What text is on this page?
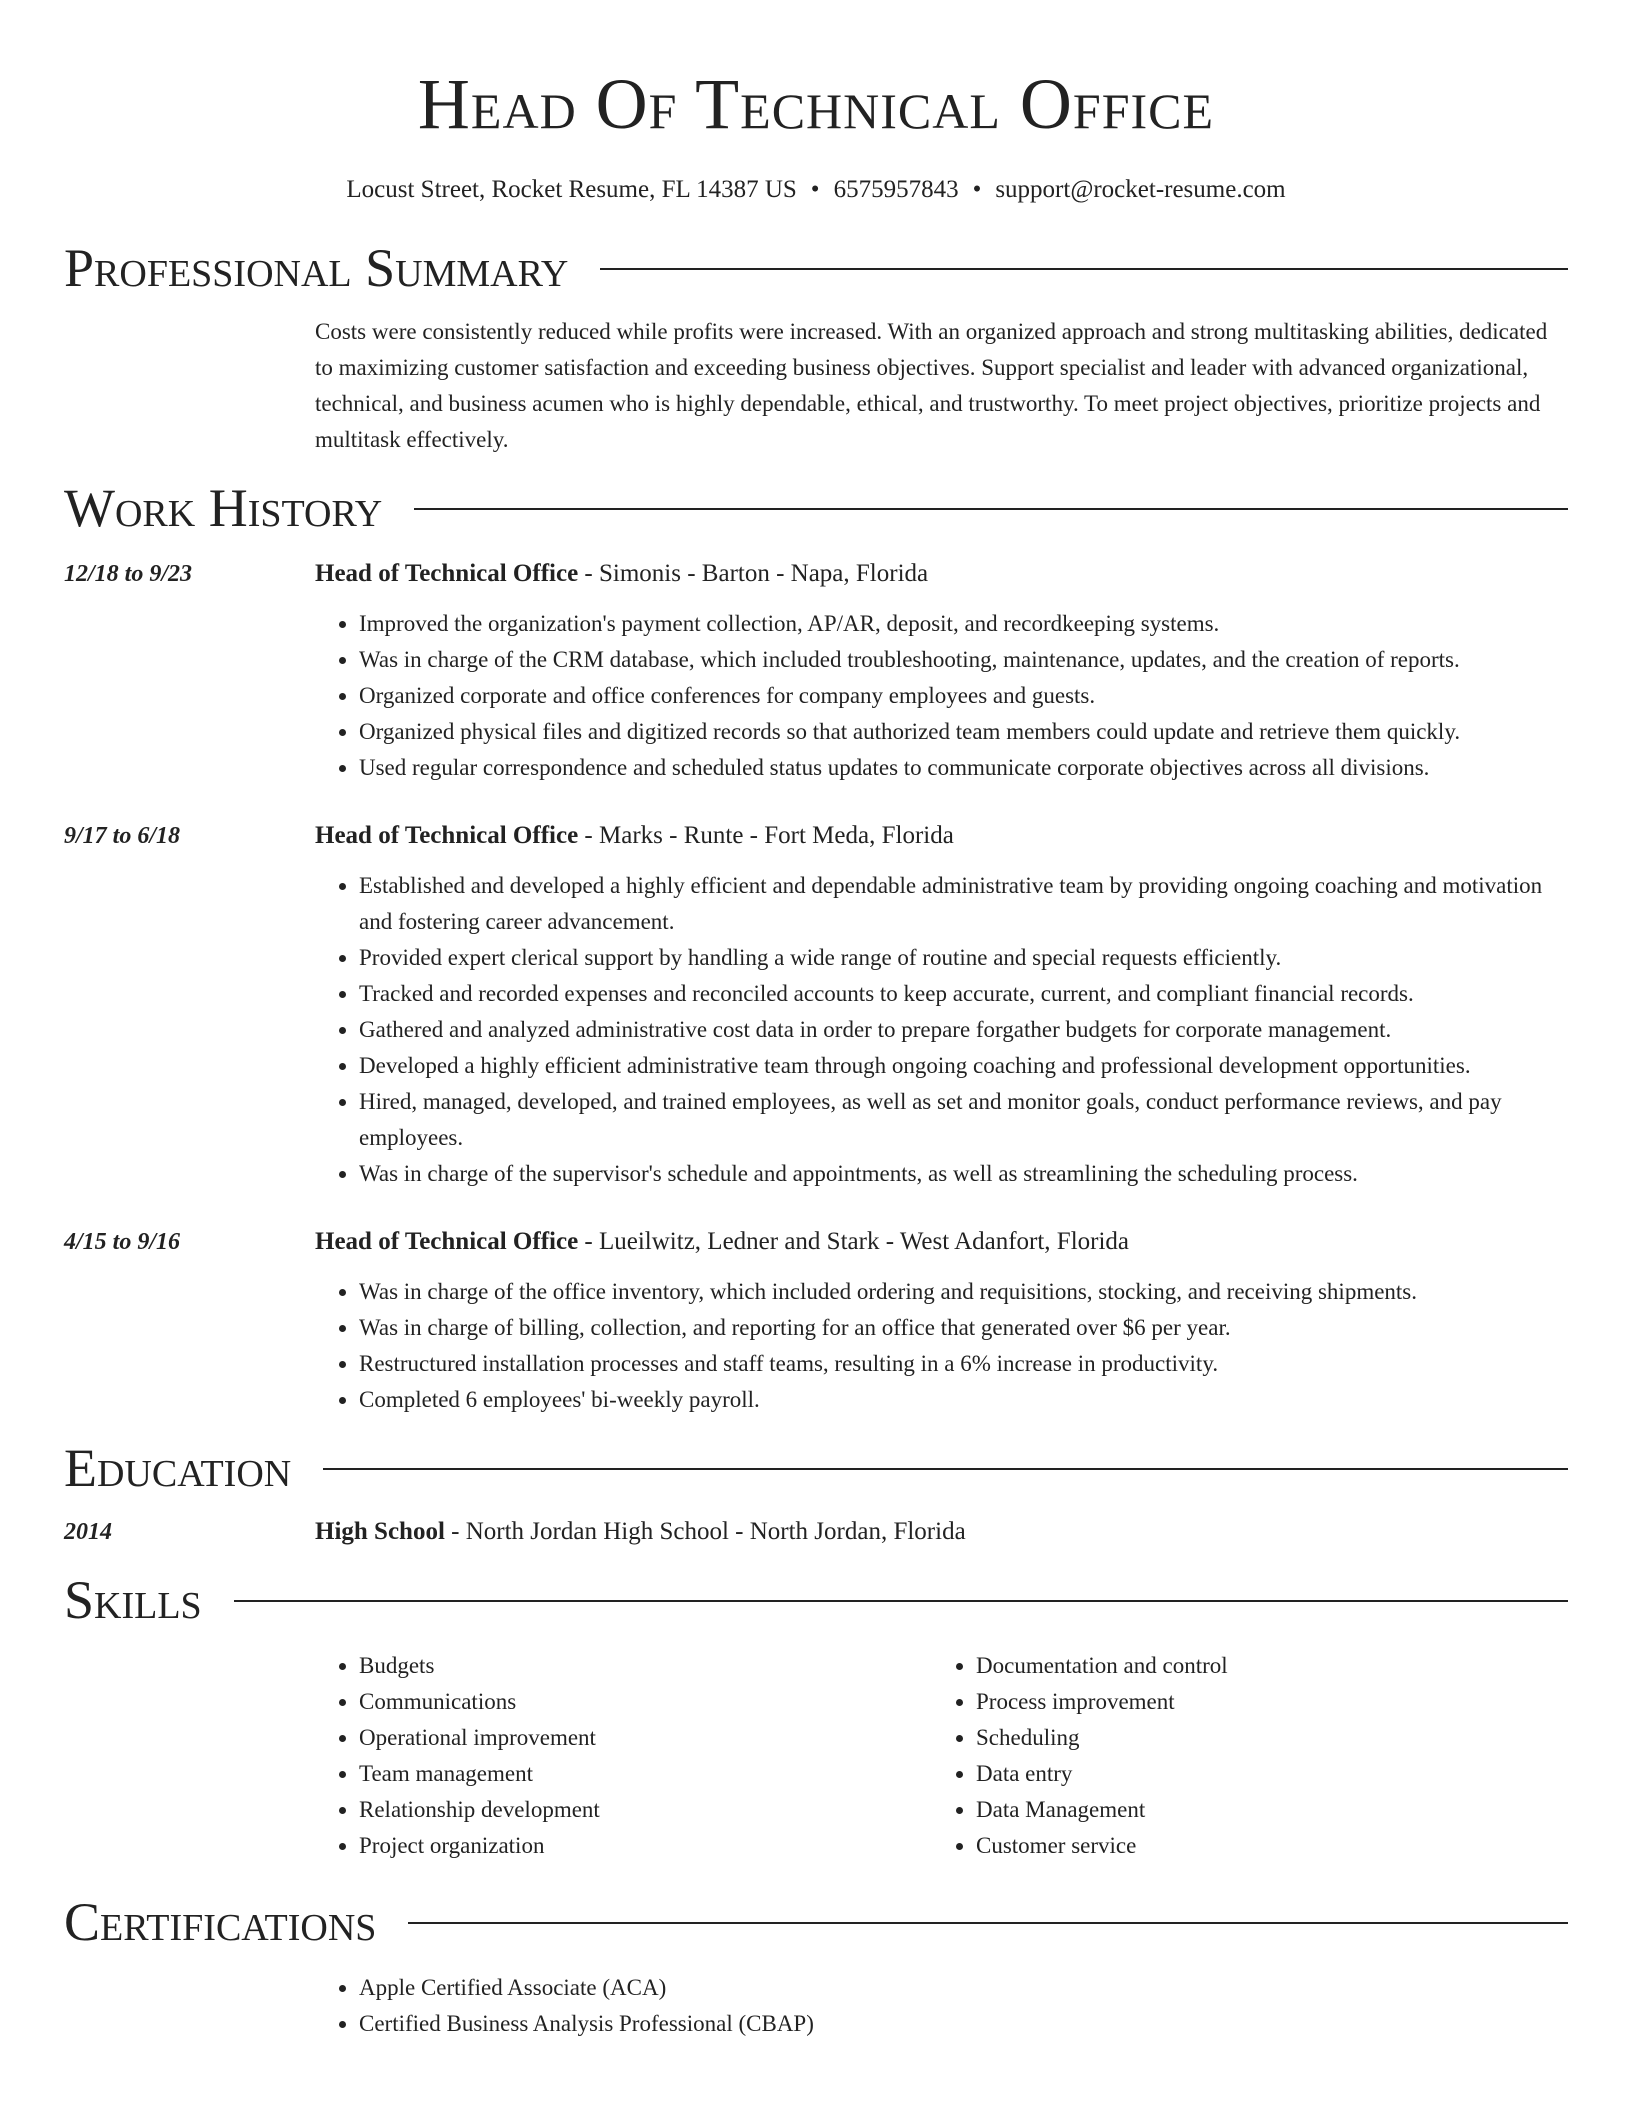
Head Of Technical Office
Locust Street, Rocket Resume, FL 14387 US • 6575957843 • support@rocket-resume.com
Professional Summary
Costs were consistently reduced while profits were increased. With an organized approach and strong multitasking abilities, dedicated to maximizing customer satisfaction and exceeding business objectives. Support specialist and leader with advanced organizational, technical, and business acumen who is highly dependable, ethical, and trustworthy. To meet project objectives, prioritize projects and multitask effectively.
Work History
12/18 to 9/23	Head of Technical Office - Simonis - Barton - Napa, Florida
• Improved the organization's payment collection, AP/AR, deposit, and recordkeeping systems.
• Was in charge of the CRM database, which included troubleshooting, maintenance, updates, and the creation of reports.
• Organized corporate and office conferences for company employees and guests.
• Organized physical files and digitized records so that authorized team members could update and retrieve them quickly.
• Used regular correspondence and scheduled status updates to communicate corporate objectives across all divisions.
9/17 to 6/18	Head of Technical Office - Marks - Runte - Fort Meda, Florida
• Established and developed a highly efficient and dependable administrative team by providing ongoing coaching and motivation and fostering career advancement.
• Provided expert clerical support by handling a wide range of routine and special requests efficiently.
• Tracked and recorded expenses and reconciled accounts to keep accurate, current, and compliant financial records.
• Gathered and analyzed administrative cost data in order to prepare forgather budgets for corporate management.
• Developed a highly efficient administrative team through ongoing coaching and professional development opportunities.
• Hired, managed, developed, and trained employees, as well as set and monitor goals, conduct performance reviews, and pay employees.
• Was in charge of the supervisor's schedule and appointments, as well as streamlining the scheduling process.
4/15 to 9/16	Head of Technical Office - Lueilwitz, Ledner and Stark - West Adanfort, Florida
• Was in charge of the office inventory, which included ordering and requisitions, stocking, and receiving shipments.
• Was in charge of billing, collection, and reporting for an office that generated over $6 per year.
• Restructured installation processes and staff teams, resulting in a 6% increase in productivity.
• Completed 6 employees' bi-weekly payroll.
Education
2014	High School - North Jordan High School - North Jordan, Florida
Skills
• Budgets
• Communications
• Operational improvement
• Team management
• Relationship development
• Project organization
• Documentation and control
• Process improvement
• Scheduling
• Data entry
• Data Management
• Customer service
Certifications
• Apple Certified Associate (ACA)
• Certified Business Analysis Professional (CBAP)
